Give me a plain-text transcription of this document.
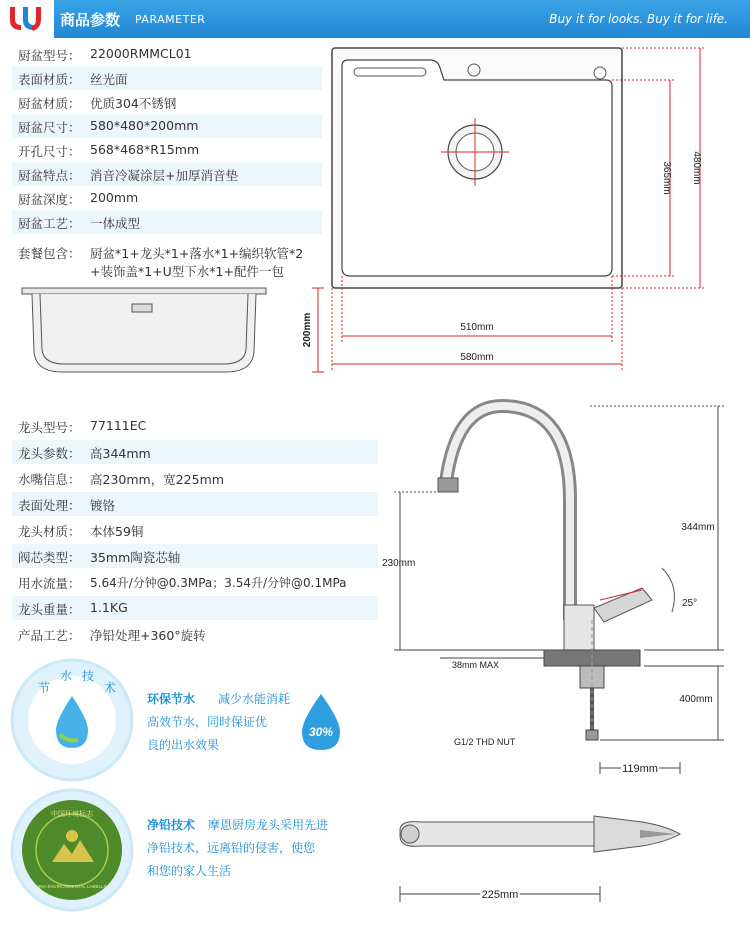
商品参数 PARAMETER	Buy it for looks. Buy it for life.
厨盆型号： 22000RMMCL01
表面材质： 丝光面
厨盆材质： 优质304不锈钢
厨盆尺寸： 580*480*200mm
开孔尺寸： 568*468*R15mm
厨盆特点： 消音冷凝涂层+加厚消音垫
厨盆深度： 200mm
厨盆工艺： 一体成型
套餐包含： 厨盆*1+龙头*1+落水*1+编织软管*2
+装饰盖*1+U型下水*1+配件一包
200mm
365mm 480mm
510mm
580mm
龙头型号： 77111EC
龙头参数： 高344mm
水嘴信息： 高230mm，宽225mm
表面处理： 镀铬
龙头材质： 本体59铜
阀芯类型： 35mm陶瓷芯轴
用水流量： 5.64升/分钟@0.3MPa；3.54升/分钟@0.1MPa
龙头重量： 1.1KG
产品工艺： 净铅处理+360°旋转
344mm
230mm
25°
38mm MAX
400mm
G1/2 THD NUT
119mm
225mm
节
水 技
术
环保节水 减少水能消耗
高效节水，同时保证优
良的出水效果
30%
中国环境标志
CHINA ENVIRONMENTAL LABELLING
净铅技术 摩恩厨房龙头采用先进
净铅技术，远离铅的侵害，使您
和您的家人生活
